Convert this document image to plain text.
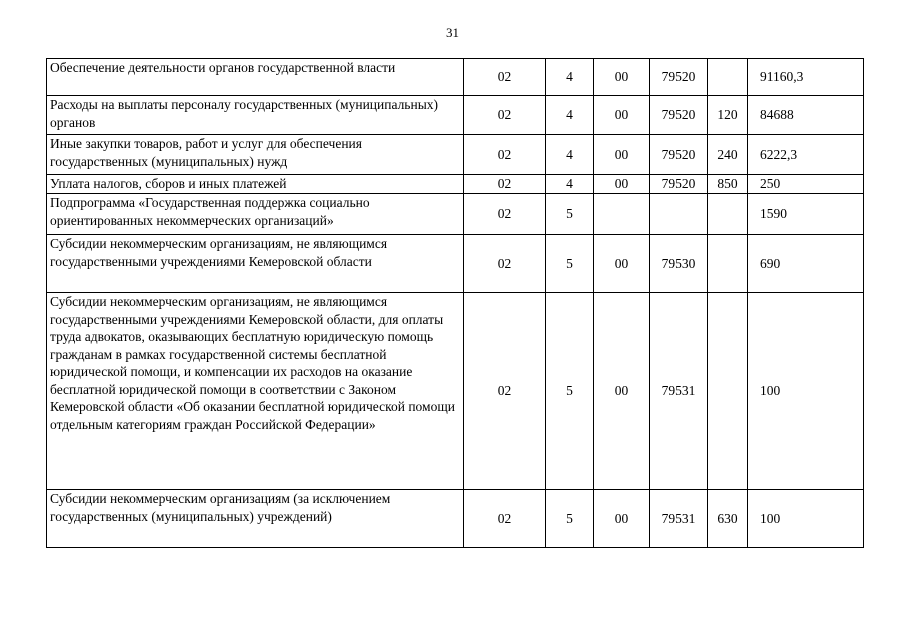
31
Обеспечение деятельности органов государственной власти	02	4	00	79520		91160,3
Расходы на выплаты персоналу государственных (муниципальных) органов	02	4	00	79520	120	84688
Иные закупки товаров, работ и услуг для обеспечения государственных (муниципальных) нужд	02	4	00	79520	240	6222,3
Уплата налогов, сборов и иных платежей	02	4	00	79520	850	250
Подпрограмма «Государственная поддержка социально ориентированных некоммерческих организаций»	02	5				1590
Субсидии некоммерческим организациям, не являющимся государственными учреждениями Кемеровской области	02	5	00	79530		690
Субсидии некоммерческим организациям, не являющимся государственными учреждениями Кемеровской области, для оплаты труда адвокатов, оказывающих бесплатную юридическую помощь гражданам в рамках государственной системы бесплатной юридической помощи, и компенсации их расходов на оказание бесплатной юридической помощи в соответствии с Законом Кемеровской области «Об оказании бесплатной юридической помощи отдельным категориям граждан Российской Федерации»	02	5	00	79531		100
Субсидии некоммерческим организациям (за исключением государственных (муниципальных) учреждений)	02	5	00	79531	630	100
